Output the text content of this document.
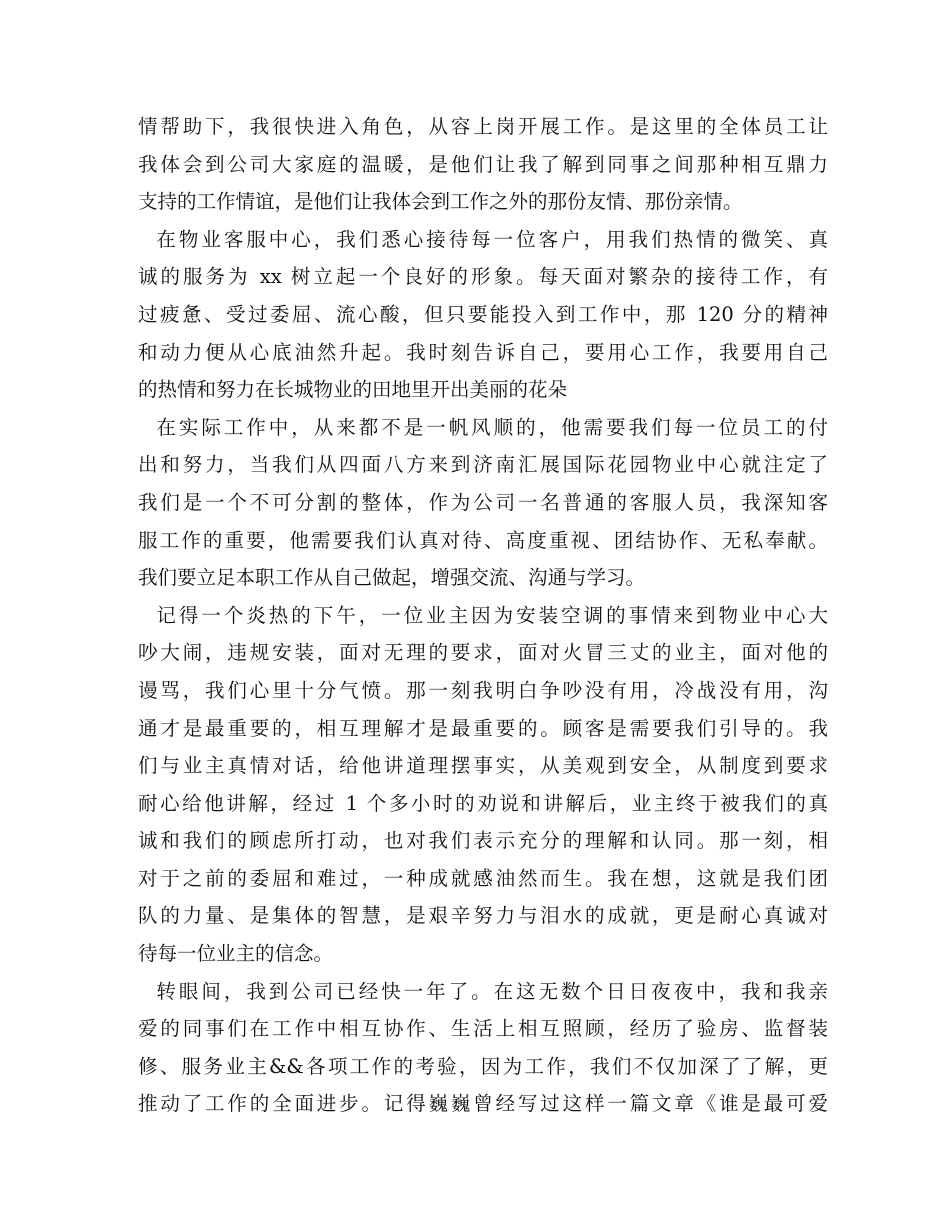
情帮助下，我很快进入角色，从容上岗开展工作。是这里的全体员工让
我体会到公司大家庭的温暖，是他们让我了解到同事之间那种相互鼎力
支持的工作情谊，是他们让我体会到工作之外的那份友情、那份亲情。
在物业客服中心，我们悉心接待每一位客户，用我们热情的微笑、真
诚的服务为 xx 树立起一个良好的形象。每天面对繁杂的接待工作，有
过疲惫、受过委屈、流心酸，但只要能投入到工作中，那 120 分的精神
和动力便从心底油然升起。我时刻告诉自己，要用心工作，我要用自己
的热情和努力在长城物业的田地里开出美丽的花朵
在实际工作中，从来都不是一帆风顺的，他需要我们每一位员工的付
出和努力，当我们从四面八方来到济南汇展国际花园物业中心就注定了
我们是一个不可分割的整体，作为公司一名普通的客服人员，我深知客
服工作的重要，他需要我们认真对待、高度重视、团结协作、无私奉献。
我们要立足本职工作从自己做起，增强交流、沟通与学习。
记得一个炎热的下午，一位业主因为安装空调的事情来到物业中心大
吵大闹，违规安装，面对无理的要求，面对火冒三丈的业主，面对他的
谩骂，我们心里十分气愤。那一刻我明白争吵没有用，冷战没有用，沟
通才是最重要的，相互理解才是最重要的。顾客是需要我们引导的。我
们与业主真情对话，给他讲道理摆事实，从美观到安全，从制度到要求
耐心给他讲解，经过 1 个多小时的劝说和讲解后，业主终于被我们的真
诚和我们的顾虑所打动，也对我们表示充分的理解和认同。那一刻，相
对于之前的委屈和难过，一种成就感油然而生。我在想，这就是我们团
队的力量、是集体的智慧，是艰辛努力与泪水的成就，更是耐心真诚对
待每一位业主的信念。
转眼间，我到公司已经快一年了。在这无数个日日夜夜中，我和我亲
爱的同事们在工作中相互协作、生活上相互照顾，经历了验房、监督装
修、服务业主&&各项工作的考验，因为工作，我们不仅加深了了解，更
推动了工作的全面进步。记得巍巍曾经写过这样一篇文章《谁是最可爱
